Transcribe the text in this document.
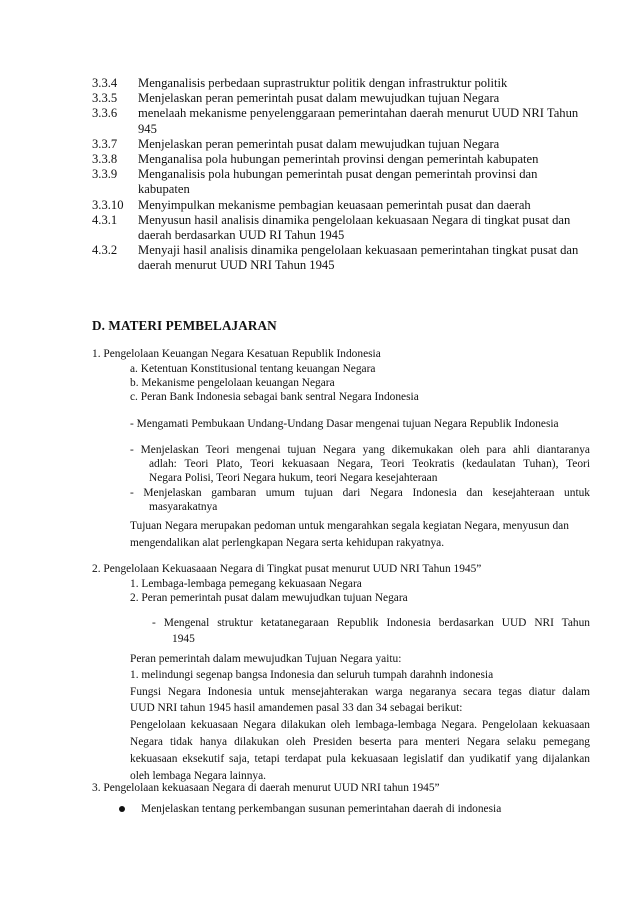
3.3.4	Menganalisis perbedaan suprastruktur politik dengan infrastruktur politik
3.3.5	Menjelaskan peran pemerintah pusat dalam mewujudkan tujuan Negara
3.3.6	menelaah mekanisme penyelenggaraan pemerintahan daerah menurut UUD NRI Tahun
945
3.3.7	Menjelaskan peran pemerintah pusat dalam mewujudkan tujuan Negara
3.3.8	Menganalisa pola hubungan pemerintah provinsi dengan pemerintah kabupaten
3.3.9	Menganalisis pola hubungan pemerintah pusat dengan pemerintah provinsi dan
kabupaten
3.3.10	Menyimpulkan mekanisme pembagian keuasaan pemerintah pusat dan daerah
4.3.1	Menyusun hasil analisis dinamika pengelolaan kekuasaan Negara di tingkat pusat dan
daerah berdasarkan UUD RI Tahun 1945
4.3.2	Menyaji hasil analisis dinamika pengelolaan kekuasaan pemerintahan tingkat pusat dan
daerah menurut UUD NRI Tahun 1945
D. MATERI PEMBELAJARAN
1. Pengelolaan Keuangan Negara Kesatuan Republik Indonesia
a. Ketentuan Konstitusional tentang keuangan Negara
b. Mekanisme pengelolaan keuangan Negara
c. Peran Bank Indonesia sebagai bank sentral Negara Indonesia
- Mengamati Pembukaan Undang-Undang Dasar mengenai tujuan Negara Republik Indonesia
- Menjelaskan Teori mengenai tujuan Negara yang dikemukakan oleh para ahli diantaranya
adlah: Teori Plato, Teori kekuasaan Negara, Teori Teokratis (kedaulatan Tuhan), Teori
Negara Polisi, Teori Negara hukum, teori Negara kesejahteraan
- Menjelaskan gambaran umum tujuan dari Negara Indonesia dan kesejahteraan untuk
masyarakatnya
Tujuan Negara merupakan pedoman untuk mengarahkan segala kegiatan Negara, menyusun dan
mengendalikan alat perlengkapan Negara serta kehidupan rakyatnya.
2. Pengelolaan Kekuasaaan Negara di Tingkat pusat menurut UUD NRI Tahun 1945”
1. Lembaga-lembaga pemegang kekuasaan Negara
2. Peran pemerintah pusat dalam mewujudkan tujuan Negara
- Mengenal struktur ketatanegaraan Republik Indonesia berdasarkan UUD NRI Tahun
1945
Peran pemerintah dalam mewujudkan Tujuan Negara yaitu:
1. melindungi segenap bangsa Indonesia dan seluruh tumpah darahnh indonesia
Fungsi Negara Indonesia untuk mensejahterakan warga negaranya secara tegas diatur dalam
UUD NRI tahun 1945 hasil amandemen pasal 33 dan 34 sebagai berikut:
Pengelolaan kekuasaan Negara dilakukan oleh lembaga-lembaga Negara. Pengelolaan kekuasaan
Negara tidak hanya dilakukan oleh Presiden beserta para menteri Negara selaku pemegang
kekuasaan eksekutif saja, tetapi terdapat pula kekuasaan legislatif dan yudikatif yang dijalankan
oleh lembaga Negara lainnya.
3. Pengelolaan kekuasaan Negara di daerah menurut UUD NRI tahun 1945”
Menjelaskan tentang perkembangan susunan pemerintahan daerah di indonesia
